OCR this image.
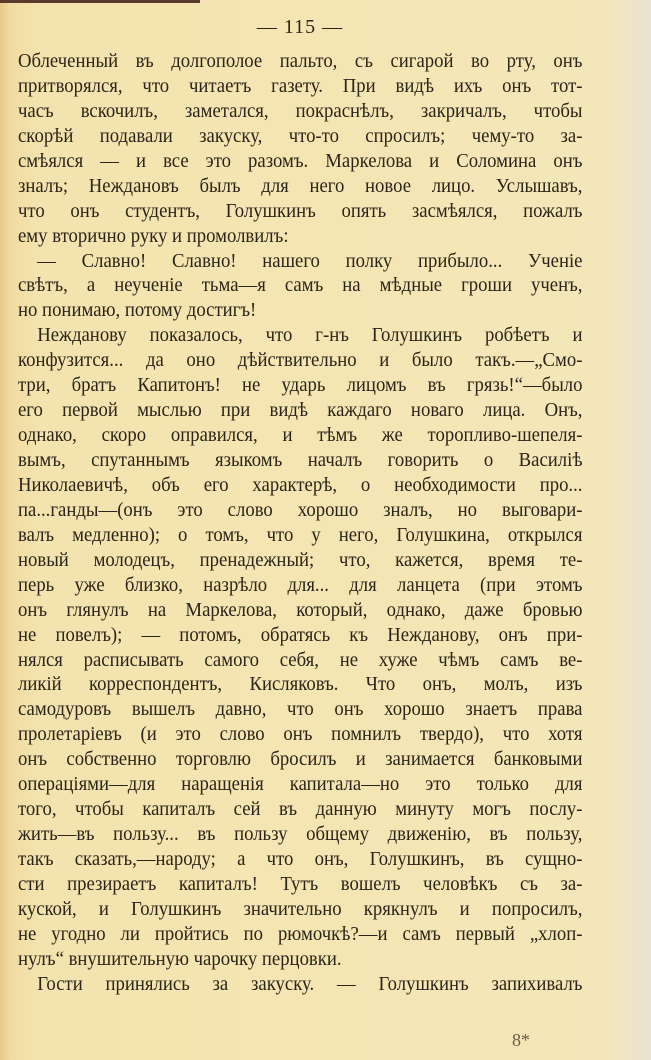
— 115 —
Облеченный въ долгополое пальто, съ сигарой во рту, онъ
притворялся, что читаетъ газету. При видѣ ихъ онъ тот-
часъ вскочилъ, заметался, покраснѣлъ, закричалъ, чтобы
скорѣй подавали закуску, что-то спросилъ; чему-то за-
смѣялся — и все это разомъ. Маркелова и Соломина онъ
зналъ; Неждановъ былъ для него новое лицо. Услышавъ,
что онъ студентъ, Голушкинъ опять засмѣялся, пожалъ
ему вторично руку и промолвилъ:
— Славно! Славно! нашего полку прибыло... Ученіе
свѣтъ, а неученіе тьма—я самъ на мѣдные гроши ученъ,
но понимаю, потому достигъ!
Нежданову показалось, что г-нъ Голушкинъ робѣетъ и
конфузится... да оно дѣйствительно и было такъ.—„Смо-
три, братъ Капитонъ! не ударь лицомъ въ грязь!“—было
его первой мыслью при видѣ каждаго новаго лица. Онъ,
однако, скоро оправился, и тѣмъ же торопливо-шепеля-
вымъ, спутаннымъ языкомъ началъ говорить о Василіѣ
Николаевичѣ, объ его характерѣ, о необходимости про...
па...ганды—(онъ это слово хорошо зналъ, но выговари-
валъ медленно); о томъ, что у него, Голушкина, открылся
новый молодецъ, пренадежный; что, кажется, время те-
перь уже близко, назрѣло для... для ланцета (при этомъ
онъ глянулъ на Маркелова, который, однако, даже бровью
не повелъ); — потомъ, обратясь къ Нежданову, онъ при-
нялся расписывать самого себя, не хуже чѣмъ самъ ве-
ликій корреспондентъ, Кисляковъ. Что онъ, молъ, изъ
самодуровъ вышелъ давно, что онъ хорошо знаетъ права
пролетаріевъ (и это слово онъ помнилъ твердо), что хотя
онъ собственно торговлю бросилъ и занимается банковыми
операціями—для наращенія капитала—но это только для
того, чтобы капиталъ сей въ данную минуту могъ послу-
жить—въ пользу... въ пользу общему движенію, въ пользу,
такъ сказать,—народу; а что онъ, Голушкинъ, въ сущно-
сти презираетъ капиталъ! Тутъ вошелъ человѣкъ съ за-
куской, и Голушкинъ значительно крякнулъ и попросилъ,
не угодно ли пройтись по рюмочкѣ?—и самъ первый „хлоп-
нулъ“ внушительную чарочку перцовки.
Гости принялись за закуску. — Голушкинъ запихивалъ
8*
